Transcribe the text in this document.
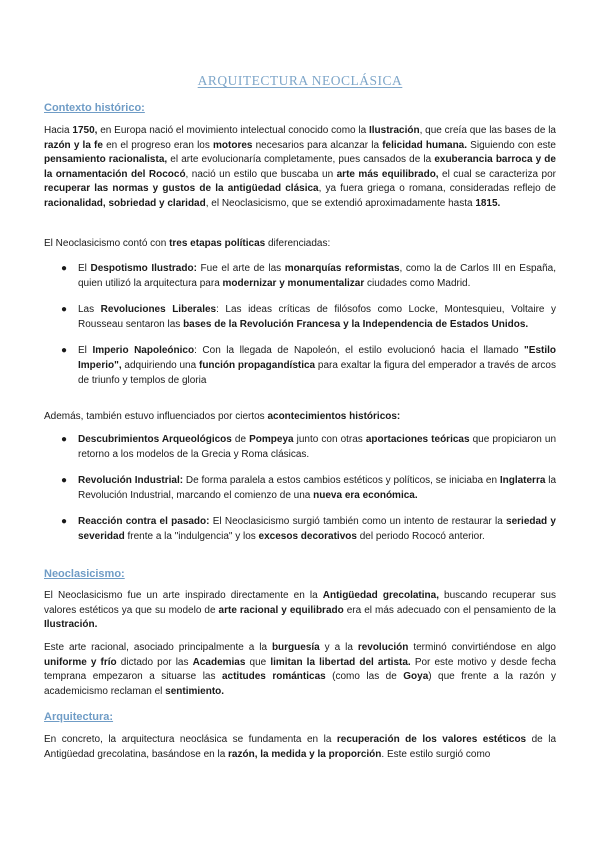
ARQUITECTURA NEOCLÁSICA
Contexto histórico:

Hacia 1750, en Europa nació el movimiento intelectual conocido como la Ilustración, que creía que las bases de la razón y la fe en el progreso eran los motores necesarios para alcanzar la felicidad humana. Siguiendo con este pensamiento racionalista, el arte evolucionaría completamente, pues cansados de la exuberancia barroca y de la ornamentación del Rococó, nació un estilo que buscaba un arte más equilibrado, el cual se caracteriza por recuperar las normas y gustos de la antigüedad clásica, ya fuera griega o romana, consideradas reflejo de racionalidad, sobriedad y claridad, el Neoclasicismo, que se extendió aproximadamente hasta 1815.

El Neoclasicismo contó con tres etapas políticas diferenciadas:

● El Despotismo Ilustrado: Fue el arte de las monarquías reformistas, como la de Carlos III en España, quien utilizó la arquitectura para modernizar y monumentalizar ciudades como Madrid.
● Las Revoluciones Liberales: Las ideas críticas de filósofos como Locke, Montesquieu, Voltaire y Rousseau sentaron las bases de la Revolución Francesa y la Independencia de Estados Unidos.
● El Imperio Napoleónico: Con la llegada de Napoleón, el estilo evolucionó hacia el llamado "Estilo Imperio", adquiriendo una función propagandística para exaltar la figura del emperador a través de arcos de triunfo y templos de gloria

Además, también estuvo influenciados por ciertos acontecimientos históricos:

● Descubrimientos Arqueológicos de Pompeya junto con otras aportaciones teóricas que propiciaron un retorno a los modelos de la Grecia y Roma clásicas.
● Revolución Industrial: De forma paralela a estos cambios estéticos y políticos, se iniciaba en Inglaterra la Revolución Industrial, marcando el comienzo de una nueva era económica.
● Reacción contra el pasado: El Neoclasicismo surgió también como un intento de restaurar la seriedad y severidad frente a la "indulgencia" y los excesos decorativos del periodo Rococó anterior.
Neoclasicismo:

El Neoclasicismo fue un arte inspirado directamente en la Antigüedad grecolatina, buscando recuperar sus valores estéticos ya que su modelo de arte racional y equilibrado era el más adecuado con el pensamiento de la Ilustración.

Este arte racional, asociado principalmente a la burguesía y a la revolución terminó convirtiéndose en algo uniforme y frío dictado por las Academias que limitan la libertad del artista. Por este motivo y desde fecha temprana empezaron a situarse las actitudes románticas (como las de Goya) que frente a la razón y academicismo reclaman el sentimiento.

Arquitectura:

En concreto, la arquitectura neoclásica se fundamenta en la recuperación de los valores estéticos de la Antigüedad grecolatina, basándose en la razón, la medida y la proporción. Este estilo surgió como
